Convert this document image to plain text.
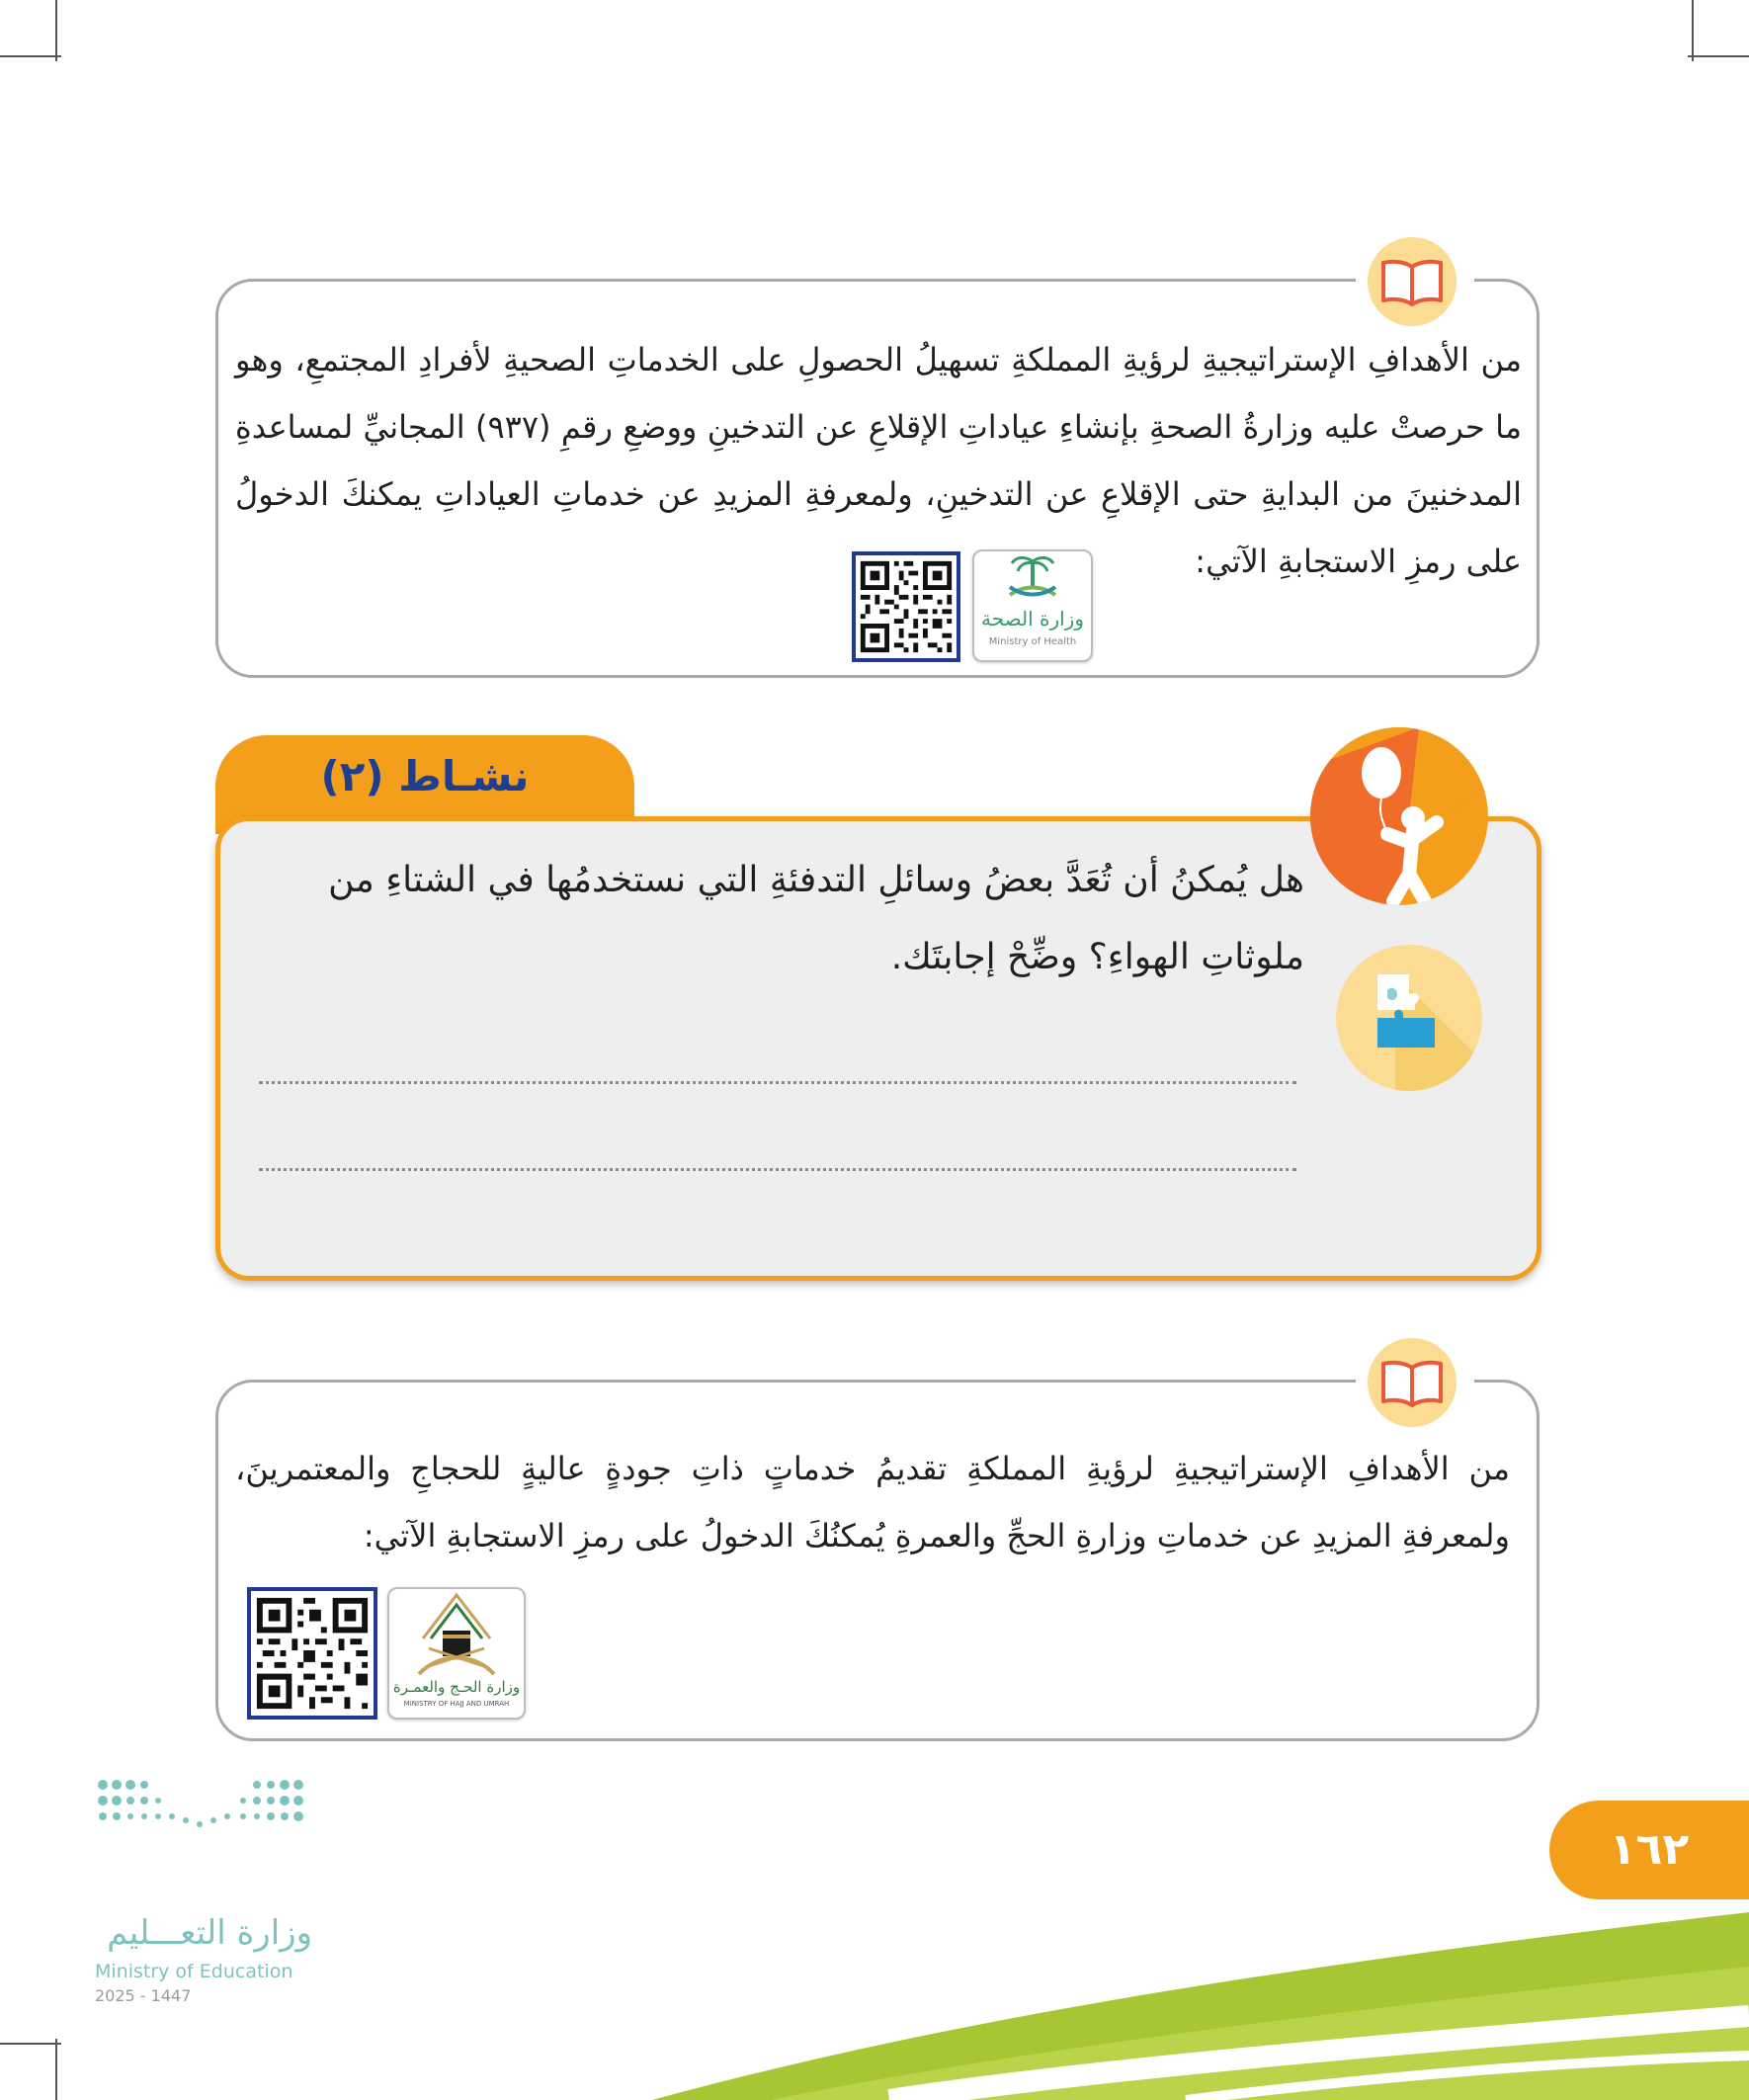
من الأهدافِ الإستراتيجيةِ لرؤيةِ المملكةِ تسهيلُ الحصولِ على الخدماتِ الصحيةِ لأفرادِ المجتمعِ، وهو ما حرصتْ عليه وزارةُ الصحةِ بإنشاءِ عياداتِ الإقلاعِ عن التدخينِ ووضعِ رقمِ (٩٣٧) المجانيِّ لمساعدةِ المدخنينَ من البدايةِ حتى الإقلاعِ عن التدخينِ، ولمعرفةِ المزيدِ عن خدماتِ العياداتِ يمكنكَ الدخولُ على رمزِ الاستجابةِ الآتي:
وزارة الصحة
Ministry of Health
نشـاط (٢)
هل يُمكنُ أن تُعَدَّ بعضُ وسائلِ التدفئةِ التي نستخدمُها في الشتاءِ من ملوثاتِ الهواءِ؟ وضِّحْ إجابتَك.
من الأهدافِ الإستراتيجيةِ لرؤيةِ المملكةِ تقديمُ خدماتٍ ذاتِ جودةٍ عاليةٍ للحجاجِ والمعتمرينَ، ولمعرفةِ المزيدِ عن خدماتِ وزارةِ الحجِّ والعمرةِ يُمكنُكَ الدخولُ على رمزِ الاستجابةِ الآتي:
وزارة الحـج والعمـرة
MINISTRY OF HAJJ AND UMRAH
١٦٢
وزارة التعـــليم
Ministry of Education
2025 - 1447
